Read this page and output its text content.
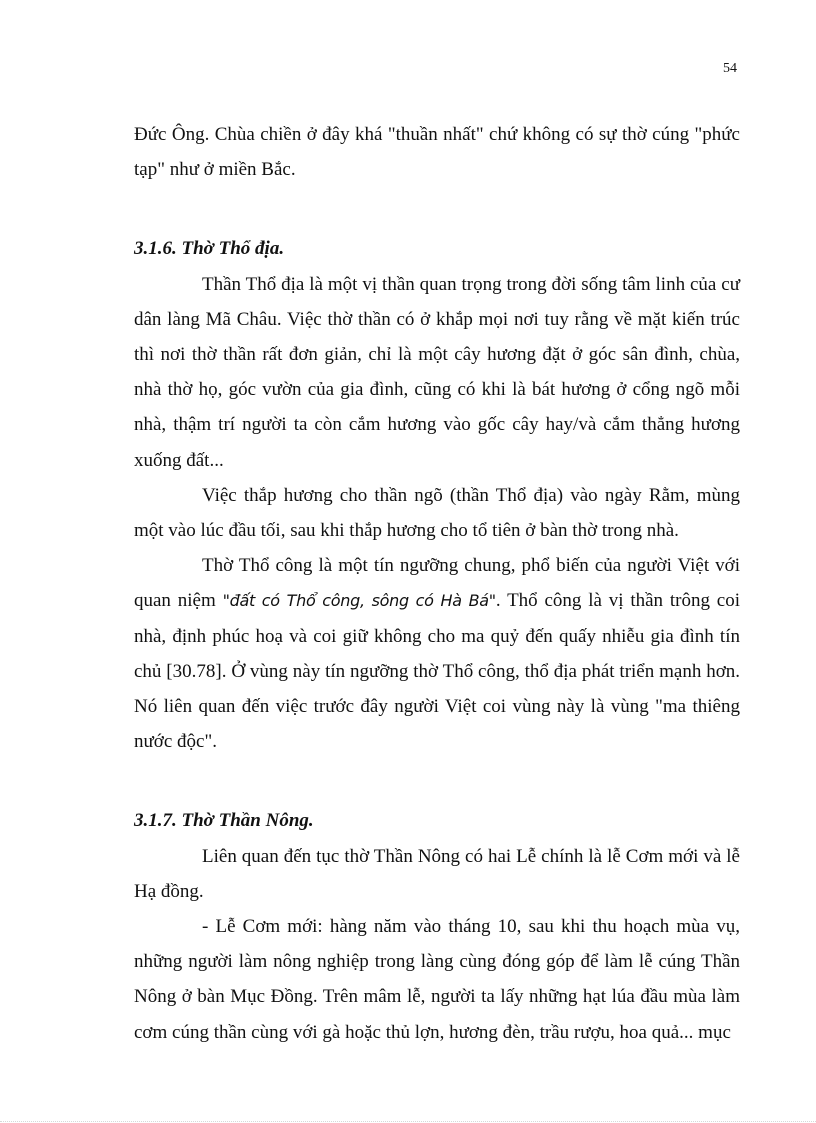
54

Đức Ông. Chùa chiền ở đây khá "thuần nhất" chứ không có sự thờ cúng "phức tạp" như ở miền Bắc.

3.1.6. Thờ Thổ địa.

Thần Thổ địa là một vị thần quan trọng trong đời sống tâm linh của cư dân làng Mã Châu. Việc thờ thần có ở khắp mọi nơi tuy rằng về mặt kiến trúc thì nơi thờ thần rất đơn giản, chỉ là một cây hương đặt ở góc sân đình, chùa, nhà thờ họ, góc vườn của gia đình, cũng có khi là bát hương ở cổng ngõ mỗi nhà, thậm trí người ta còn cắm hương vào gốc cây hay/và cắm thẳng hương xuống đất...

Việc thắp hương cho thần ngõ (thần Thổ địa) vào ngày Rằm, mùng một vào lúc đầu tối, sau khi thắp hương cho tổ tiên ở bàn thờ trong nhà.

Thờ Thổ công là một tín ngưỡng chung, phổ biến của người Việt với quan niệm "đất có Thổ công, sông có Hà Bá". Thổ công là vị thần trông coi nhà, định phúc hoạ và coi giữ không cho ma quỷ đến quấy nhiễu gia đình tín chủ [30.78]. Ở vùng này tín ngưỡng thờ Thổ công, thổ địa phát triển mạnh hơn. Nó liên quan đến việc trước đây người Việt coi vùng này là vùng "ma thiêng nước độc".

3.1.7. Thờ Thần Nông.

Liên quan đến tục thờ Thần Nông có hai Lễ chính là lễ Cơm mới và lễ Hạ đồng.

- Lễ Cơm mới: hàng năm vào tháng 10, sau khi thu hoạch mùa vụ, những người làm nông nghiệp trong làng cùng đóng góp để làm lễ cúng Thần Nông ở bàn Mục Đồng. Trên mâm lễ, người ta lấy những hạt lúa đầu mùa làm cơm cúng thần cùng với gà hoặc thủ lợn, hương đèn, trầu rượu, hoa quả... mục
